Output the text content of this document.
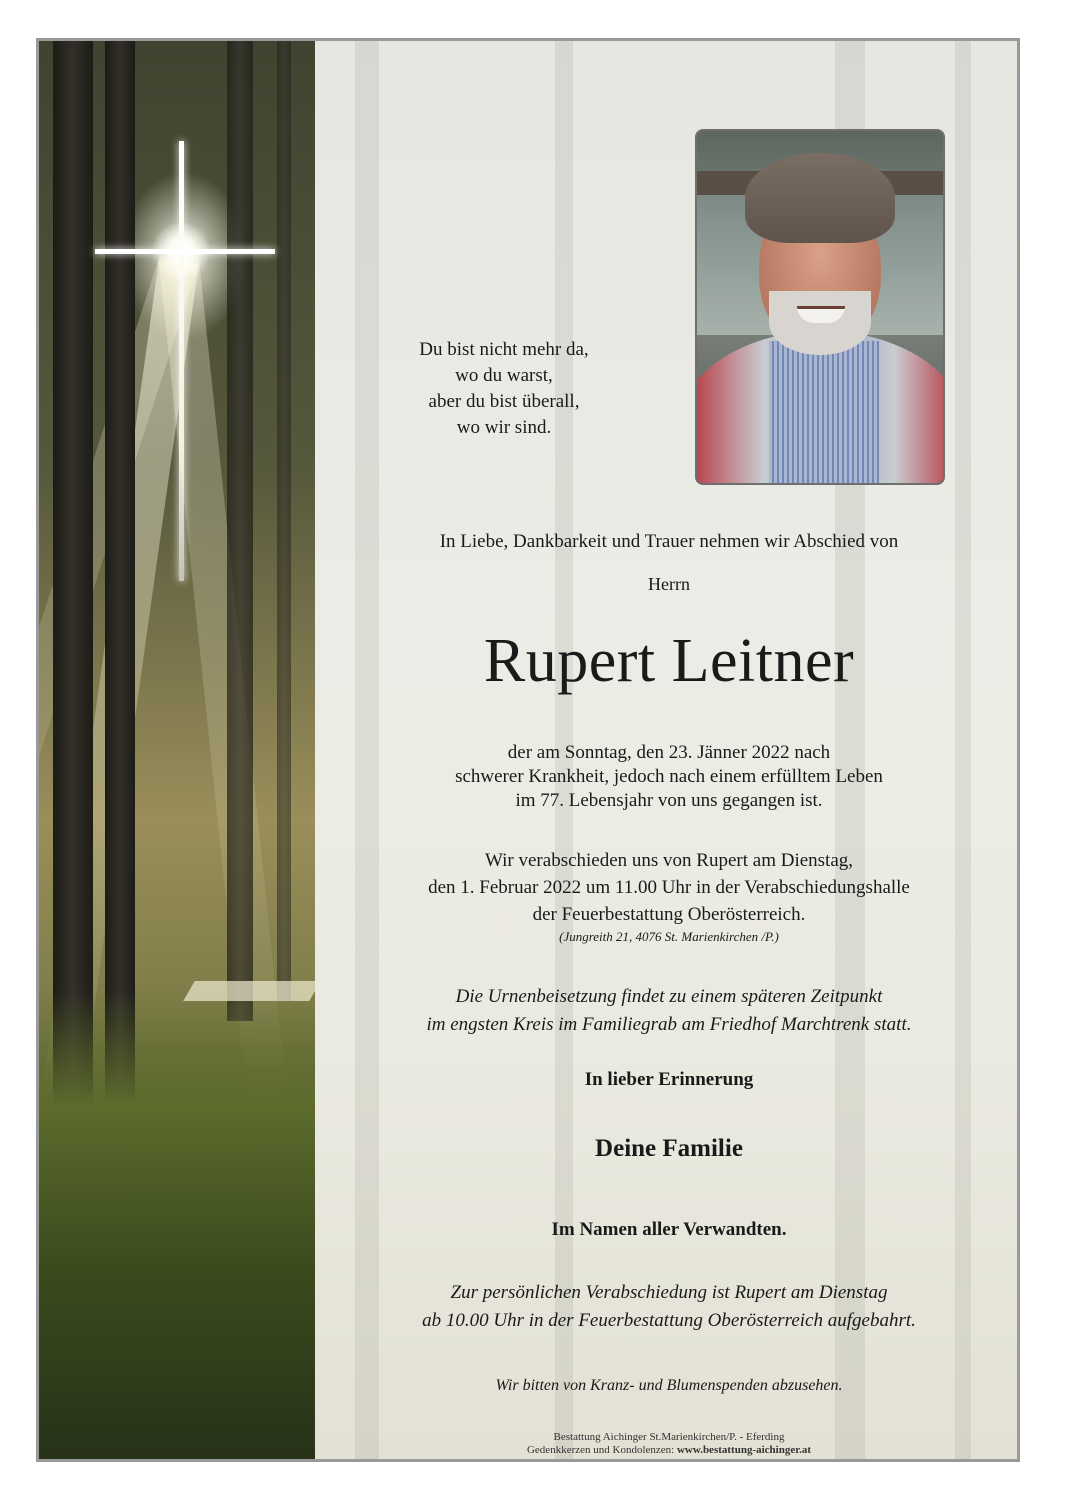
Du bist nicht mehr da,
wo du warst,
aber du bist überall,
wo wir sind.
In Liebe, Dankbarkeit und Trauer nehmen wir Abschied von
Herrn
Rupert Leitner
der am Sonntag, den 23. Jänner 2022 nach
schwerer Krankheit, jedoch nach einem erfülltem Leben
im 77. Lebensjahr von uns gegangen ist.
Wir verabschieden uns von Rupert am Dienstag,
den 1. Februar 2022 um 11.00 Uhr in der Verabschiedungshalle
der Feuerbestattung Oberösterreich.
(Jungreith 21, 4076 St. Marienkirchen /P.)
Die Urnenbeisetzung findet zu einem späteren Zeitpunkt
im engsten Kreis im Familiegrab am Friedhof Marchtrenk statt.
In lieber Erinnerung
Deine Familie
Im Namen aller Verwandten.
Zur persönlichen Verabschiedung ist Rupert am Dienstag
ab 10.00 Uhr in der Feuerbestattung Oberösterreich aufgebahrt.
Wir bitten von Kranz- und Blumenspenden abzusehen.
Bestattung Aichinger St.Marienkirchen/P. - Eferding
Gedenkkerzen und Kondolenzen: www.bestattung-aichinger.at
